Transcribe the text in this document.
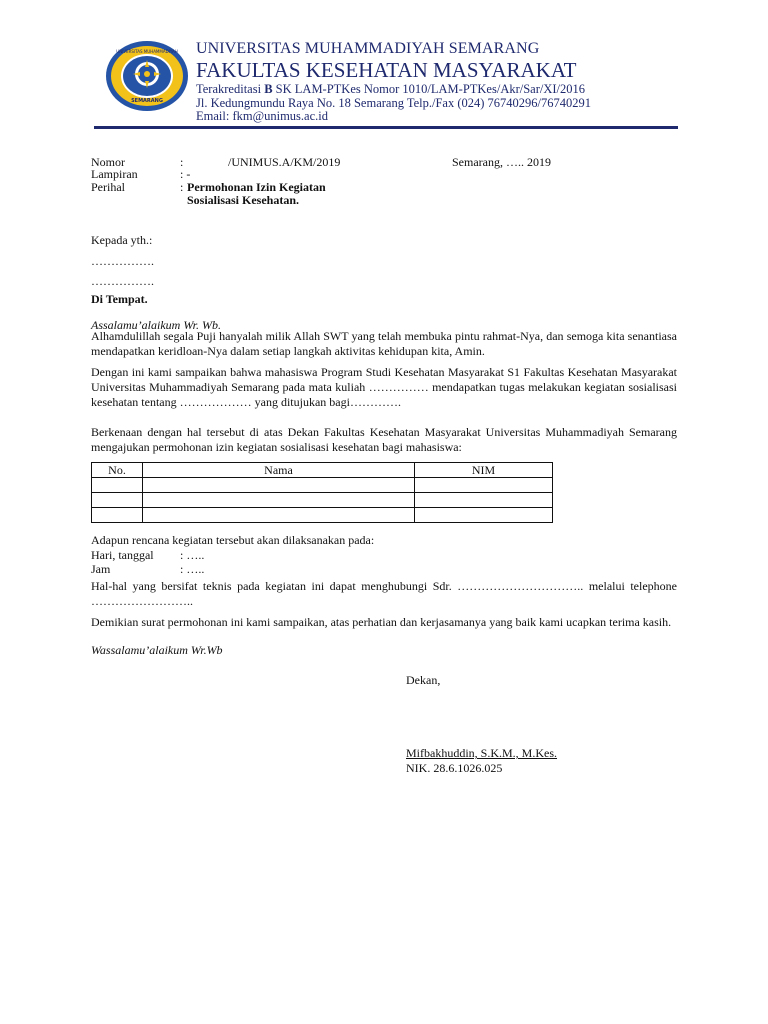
UNIVERSITAS MUHAMMADIYAH
SEMARANG
UNIVERSITAS MUHAMMADIYAH SEMARANG
FAKULTAS KESEHATAN MASYARAKAT
Terakreditasi B SK LAM-PTKes Nomor 1010/LAM-PTKes/Akr/Sar/XI/2016
Jl. Kedungmundu Raya No. 18 Semarang Telp./Fax (024) 76740296/76740291
Email: fkm@unimus.ac.id
Nomor	:	/UNIMUS.A/KM/2019	Semarang, ….. 2019
Lampiran	: -
Perihal	: Permohonan Izin Kegiatan
Sosialisasi Kesehatan.
Kepada yth.:
…………….
…………….
Di Tempat.
Assalamu’alaikum Wr. Wb.
Alhamdulillah segala Puji hanyalah milik Allah SWT yang telah membuka pintu rahmat-Nya, dan semoga kita senantiasa mendapatkan keridloan-Nya dalam setiap langkah aktivitas kehidupan kita, Amin.
Dengan ini kami sampaikan bahwa mahasiswa Program Studi Kesehatan Masyarakat S1 Fakultas Kesehatan Masyarakat Universitas Muhammadiyah Semarang pada mata kuliah …………… mendapatkan tugas melakukan kegiatan sosialisasi kesehatan tentang ……………… yang ditujukan bagi………….
Berkenaan dengan hal tersebut di atas Dekan Fakultas Kesehatan Masyarakat Universitas Muhammadiyah Semarang mengajukan permohonan izin kegiatan sosialisasi kesehatan bagi mahasiswa:
No.	Nama	NIM

Adapun rencana kegiatan tersebut akan dilaksanakan pada:
Hari, tanggal : …..
Jam	: …..
Hal-hal yang bersifat teknis pada kegiatan ini dapat menghubungi Sdr. ………………………….. melalui telephone ……………………..
Demikian surat permohonan ini kami sampaikan, atas perhatian dan kerjasamanya yang baik kami ucapkan terima kasih.
Wassalamu’alaikum Wr.Wb
Dekan,
Mifbakhuddin, S.K.M., M.Kes.
NIK. 28.6.1026.025
